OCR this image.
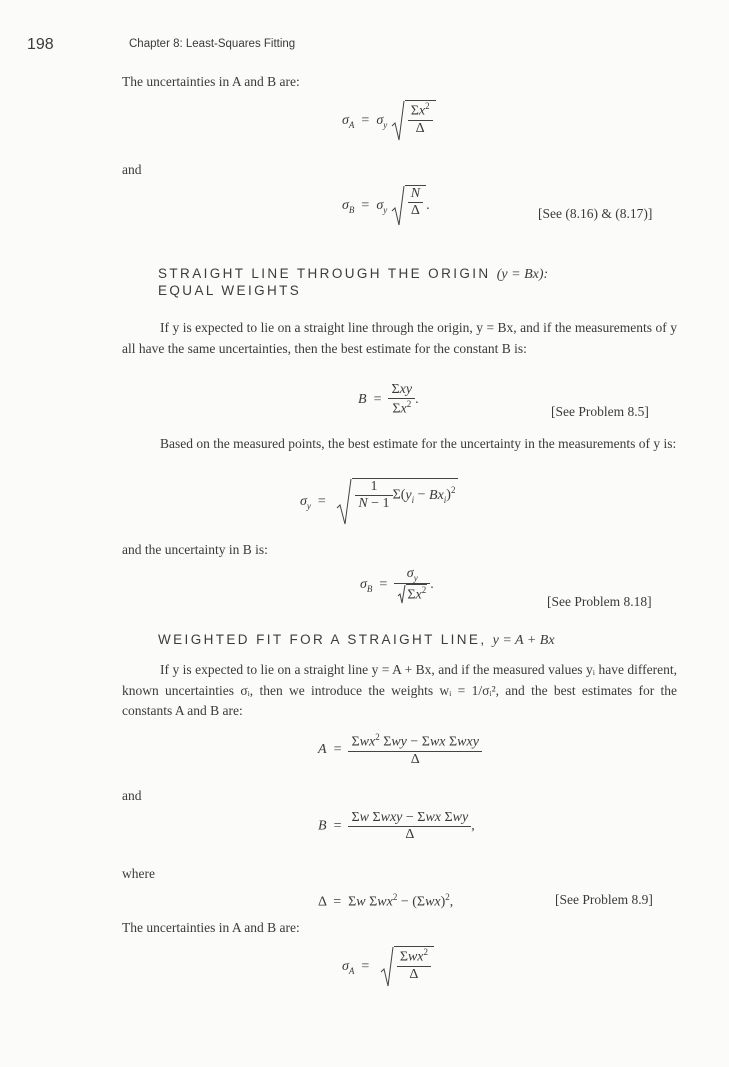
198	Chapter 8: Least-Squares Fitting
The uncertainties in A and B are:
$\sigma_A = \sigma_y \frac{\Sigma x^2}{\Delta}$
and
$\sigma_B = \sigma_y \frac{N}{\Delta}$ .
[See (8.16) & (8.17)]
STRAIGHT LINE THROUGH THE ORIGIN (y = Bx):
EQUAL WEIGHTS
If y is expected to lie on a straight line through the origin, y = Bx, and if the measurements of y all have the same uncertainties, then the best estimate for the constant B is:
$B = \frac{\text{Σxy}}{\Sigma x^2}$ .
[See Problem 8.5]
Based on the measured points, the best estimate for the uncertainty in the measurements of y is:
$\sigma_y = \frac{1}{N - 1} \Sigma(y_i - Bx_i)^2$
and the uncertainty in B is:
$\sigma_B = \frac{\sigma_y}{\Sigma x^2}$ .
[See Problem 8.18]
WEIGHTED FIT FOR A STRAIGHT LINE, y = A + Bx
If y is expected to lie on a straight line y = A + Bx, and if the measured values yᵢ have different, known uncertainties σᵢ, then we introduce the weights wᵢ = 1/σᵢ², and the best estimates for the constants A and B are:
$A = \frac{\Sigma wx^2 \Sigma wy - \Sigma wx \Sigma wxy}{\Delta}$
and
$B = \frac{\text{Σw Σwxy − Σwx Σwy}}{\Delta}$ ,
where
Δ  =  Σw $\Sigma wx^2 - (\Sigma wx)^2$,	[See Problem 8.9]
The uncertainties in A and B are:
$\sigma_A = \frac{\Sigma wx^2}{\Delta}$
